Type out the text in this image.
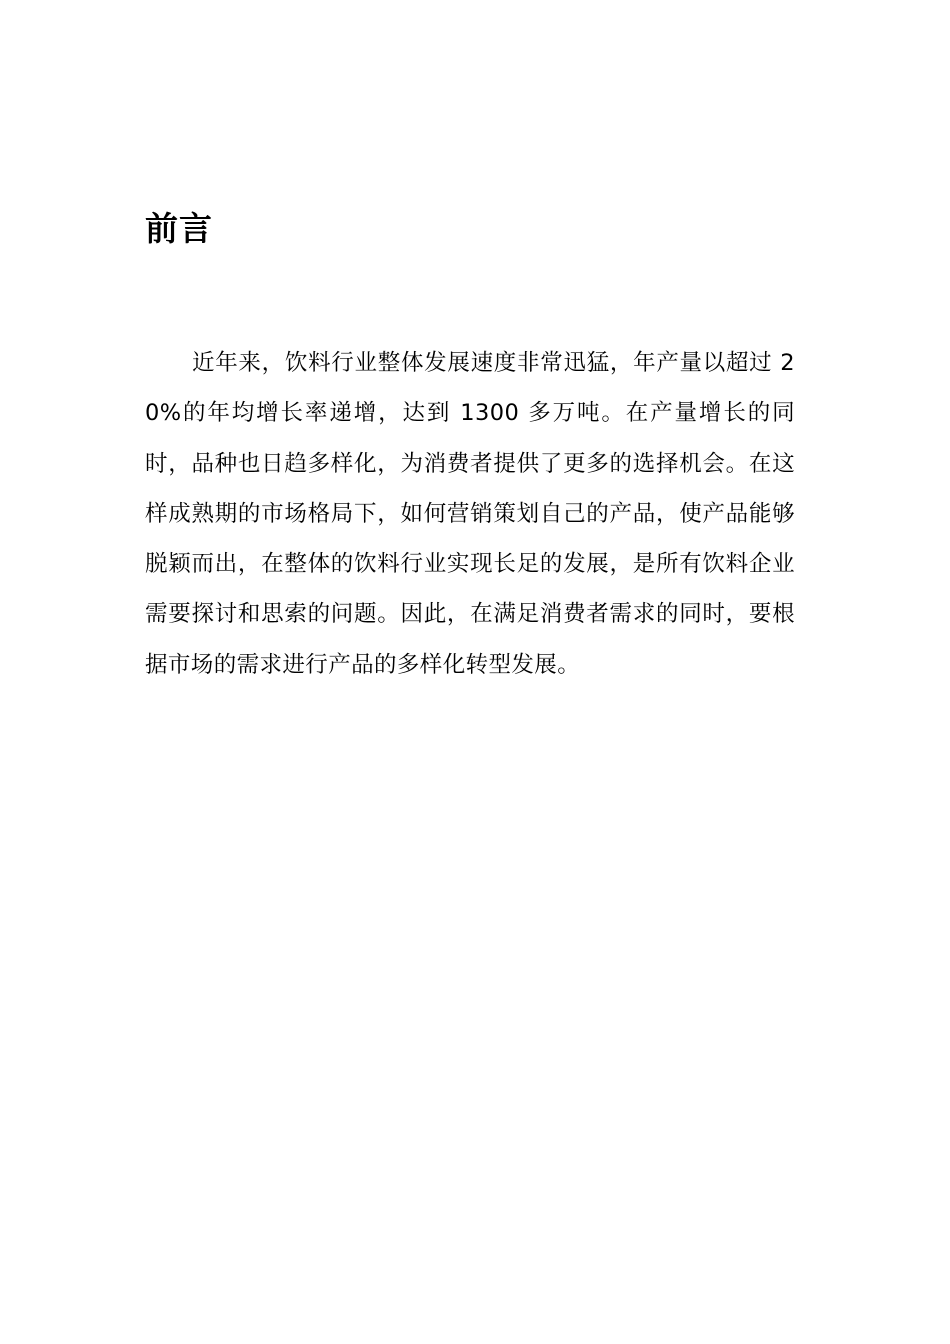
前言

近年来，饮料行业整体发展速度非常迅猛，年产量以超过 20%的年均增长率递增，达到 1300 多万吨。在产量增长的同时，品种也日趋多样化，为消费者提供了更多的选择机会。在这样成熟期的市场格局下，如何营销策划自己的产品，使产品能够脱颖而出，在整体的饮料行业实现长足的发展，是所有饮料企业需要探讨和思索的问题。因此，在满足消费者需求的同时，要根据市场的需求进行产品的多样化转型发展。
